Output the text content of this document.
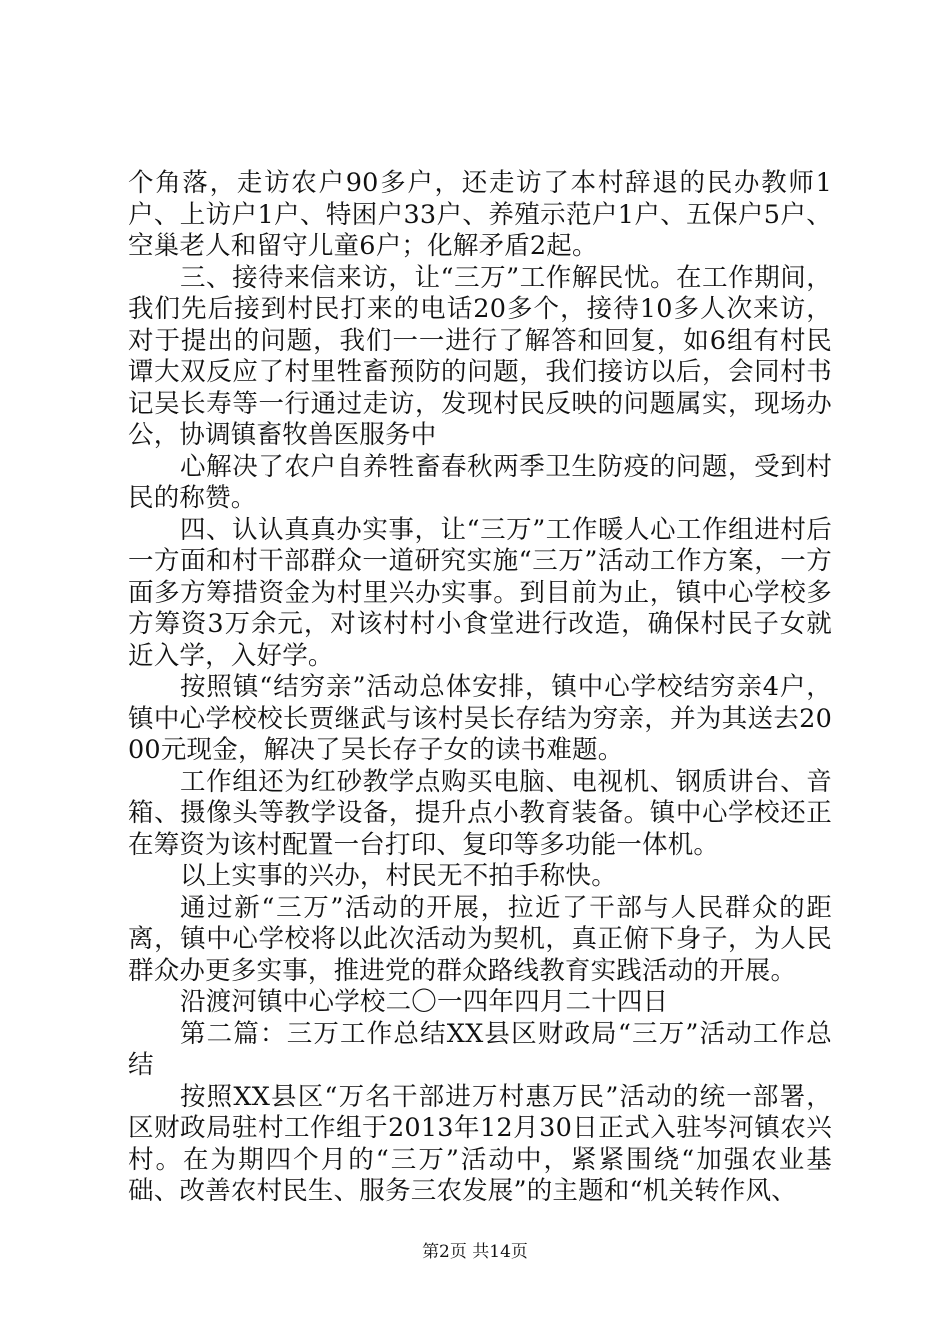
个角落，走访农户90多户，还走访了本村辞退的民办教师1户、上访户1户、特困户33户、养殖示范户1户、五保户5户、空巢老人和留守儿童6户；化解矛盾2起。

三、接待来信来访，让“三万”工作解民忧。在工作期间，我们先后接到村民打来的电话20多个，接待10多人次来访，对于提出的问题，我们一一进行了解答和回复，如6组有村民谭大双反应了村里牲畜预防的问题，我们接访以后，会同村书记吴长寿等一行通过走访，发现村民反映的问题属实，现场办公，协调镇畜牧兽医服务中

心解决了农户自养牲畜春秋两季卫生防疫的问题，受到村民的称赞。

四、认认真真办实事，让“三万”工作暖人心工作组进村后一方面和村干部群众一道研究实施“三万”活动工作方案，一方面多方筹措资金为村里兴办实事。到目前为止，镇中心学校多方筹资3万余元，对该村村小食堂进行改造，确保村民子女就近入学，入好学。

按照镇“结穷亲”活动总体安排，镇中心学校结穷亲4户，镇中心学校校长贾继武与该村吴长存结为穷亲，并为其送去2000元现金，解决了吴长存子女的读书难题。

工作组还为红砂教学点购买电脑、电视机、钢质讲台、音箱、摄像头等教学设备，提升点小教育装备。镇中心学校还正在筹资为该村配置一台打印、复印等多功能一体机。

以上实事的兴办，村民无不拍手称快。

通过新“三万”活动的开展，拉近了干部与人民群众的距离，镇中心学校将以此次活动为契机，真正俯下身子，为人民群众办更多实事，推进党的群众路线教育实践活动的开展。

沿渡河镇中心学校二〇一四年四月二十四日

第二篇：三万工作总结XX县区财政局“三万”活动工作总结

按照XX县区“万名干部进万村惠万民”活动的统一部署，区财政局驻村工作组于2013年12月30日正式入驻岑河镇农兴村。在为期四个月的“三万”活动中，紧紧围绕“加强农业基础、改善农村民生、服务三农发展”的主题和“机关转作风、

第2页 共14页
